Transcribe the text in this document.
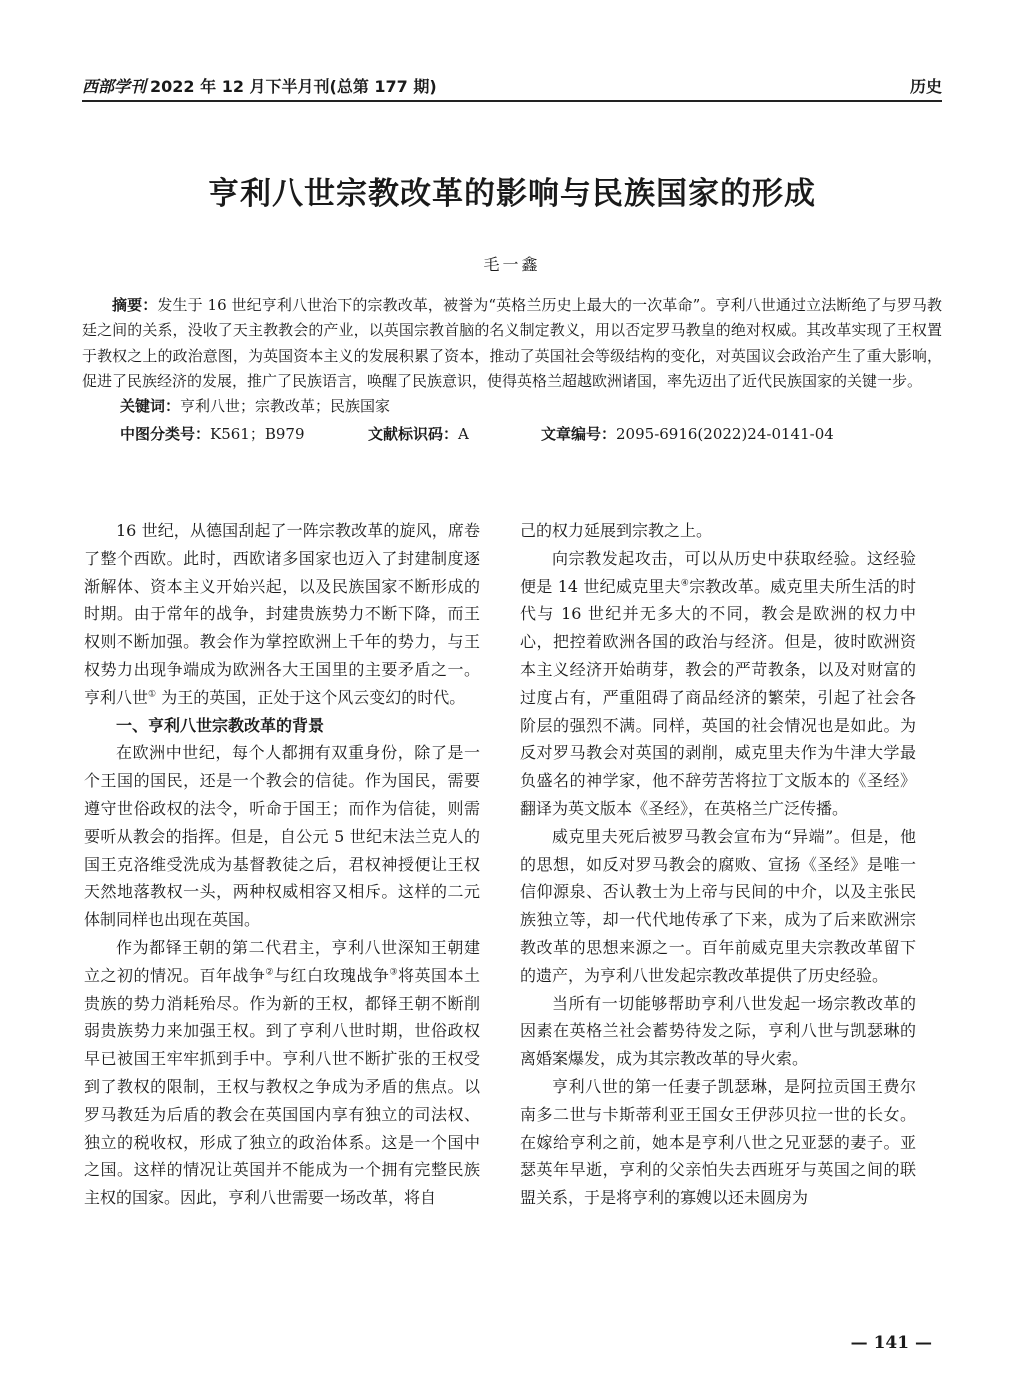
西部学刊 2022 年 12 月下半月刊(总第 177 期)	历史
亨利八世宗教改革的影响与民族国家的形成
毛一鑫

摘要：发生于 16 世纪亨利八世治下的宗教改革，被誉为“英格兰历史上最大的一次革命”。亨利八世通过立法断绝了与罗马教廷之间的关系，没收了天主教教会的产业，以英国宗教首脑的名义制定教义，用以否定罗马教皇的绝对权威。其改革实现了王权置于教权之上的政治意图，为英国资本主义的发展积累了资本，推动了英国社会等级结构的变化，对英国议会政治产生了重大影响，促进了民族经济的发展，推广了民族语言，唤醒了民族意识，使得英格兰超越欧洲诸国，率先迈出了近代民族国家的关键一步。

关键词：亨利八世；宗教改革；民族国家

中图分类号：K561；B979	文献标识码：A	文章编号：2095-6916(2022)24-0141-04

16 世纪，从德国刮起了一阵宗教改革的旋风，席卷了整个西欧。此时，西欧诸多国家也迈入了封建制度逐渐解体、资本主义开始兴起，以及民族国家不断形成的时期。由于常年的战争，封建贵族势力不断下降，而王权则不断加强。教会作为掌控欧洲上千年的势力，与王权势力出现争端成为欧洲各大王国里的主要矛盾之一。亨利八世① 为王的英国，正处于这个风云变幻的时代。

一、亨利八世宗教改革的背景

在欧洲中世纪，每个人都拥有双重身份，除了是一个王国的国民，还是一个教会的信徒。作为国民，需要遵守世俗政权的法令，听命于国王；而作为信徒，则需要听从教会的指挥。但是，自公元 5 世纪末法兰克人的国王克洛维受洗成为基督教徒之后，君权神授便让王权天然地落教权一头，两种权威相容又相斥。这样的二元体制同样也出现在英国。

作为都铎王朝的第二代君主，亨利八世深知王朝建立之初的情况。百年战争②与红白玫瑰战争③将英国本土贵族的势力消耗殆尽。作为新的王权，都铎王朝不断削弱贵族势力来加强王权。到了亨利八世时期，世俗政权早已被国王牢牢抓到手中。亨利八世不断扩张的王权受到了教权的限制，王权与教权之争成为矛盾的焦点。以罗马教廷为后盾的教会在英国国内享有独立的司法权、独立的税收权，形成了独立的政治体系。这是一个国中之国。这样的情况让英国并不能成为一个拥有完整民族主权的国家。因此，亨利八世需要一场改革，将自

己的权力延展到宗教之上。

向宗教发起攻击，可以从历史中获取经验。这经验便是 14 世纪威克里夫④宗教改革。威克里夫所生活的时代与 16 世纪并无多大的不同，教会是欧洲的权力中心，把控着欧洲各国的政治与经济。但是，彼时欧洲资本主义经济开始萌芽，教会的严苛教条，以及对财富的过度占有，严重阻碍了商品经济的繁荣，引起了社会各阶层的强烈不满。同样，英国的社会情况也是如此。为反对罗马教会对英国的剥削，威克里夫作为牛津大学最负盛名的神学家，他不辞劳苦将拉丁文版本的《圣经》翻译为英文版本《圣经》，在英格兰广泛传播。

威克里夫死后被罗马教会宣布为“异端”。但是，他的思想，如反对罗马教会的腐败、宣扬《圣经》是唯一信仰源泉、否认教士为上帝与民间的中介，以及主张民族独立等，却一代代地传承了下来，成为了后来欧洲宗教改革的思想来源之一。百年前威克里夫宗教改革留下的遗产，为亨利八世发起宗教改革提供了历史经验。

当所有一切能够帮助亨利八世发起一场宗教改革的因素在英格兰社会蓄势待发之际，亨利八世与凯瑟琳的离婚案爆发，成为其宗教改革的导火索。

亨利八世的第一任妻子凯瑟琳，是阿拉贡国王费尔南多二世与卡斯蒂利亚王国女王伊莎贝拉一世的长女。在嫁给亨利之前，她本是亨利八世之兄亚瑟的妻子。亚瑟英年早逝，亨利的父亲怕失去西班牙与英国之间的联盟关系，于是将亨利的寡嫂以还未圆房为

— 141 —
